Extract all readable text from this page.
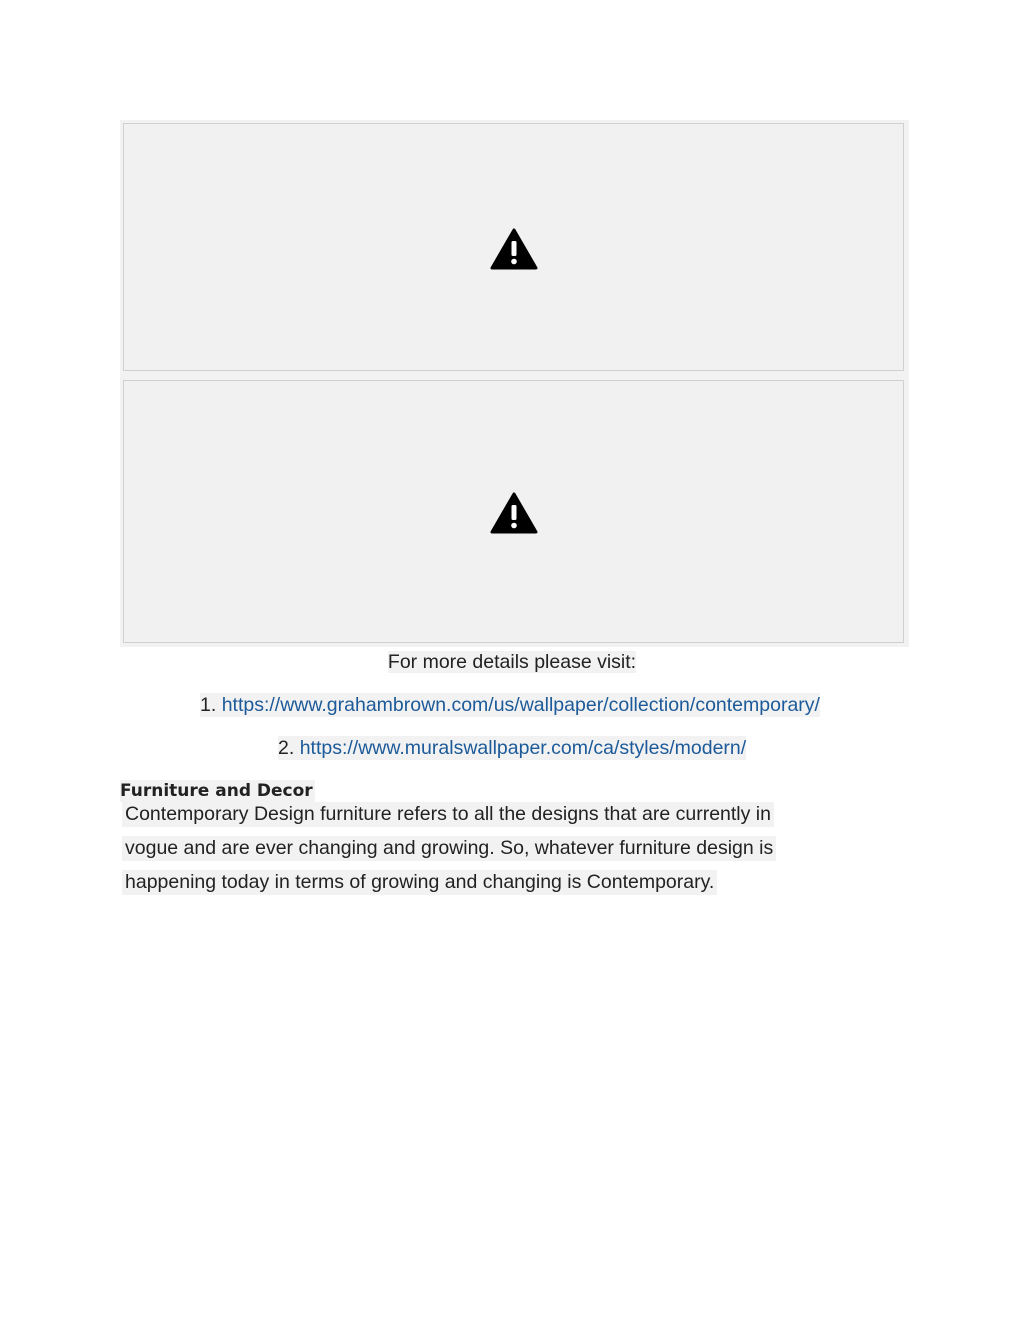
For more details please visit:
1. https://www.grahambrown.com/us/wallpaper/collection/contemporary/
2. https://www.muralswallpaper.com/ca/styles/modern/
Furniture and Decor
Contemporary Design furniture refers to all the designs that are currently in
vogue and are ever changing and growing. So, whatever furniture design is
happening today in terms of growing and changing is Contemporary.
